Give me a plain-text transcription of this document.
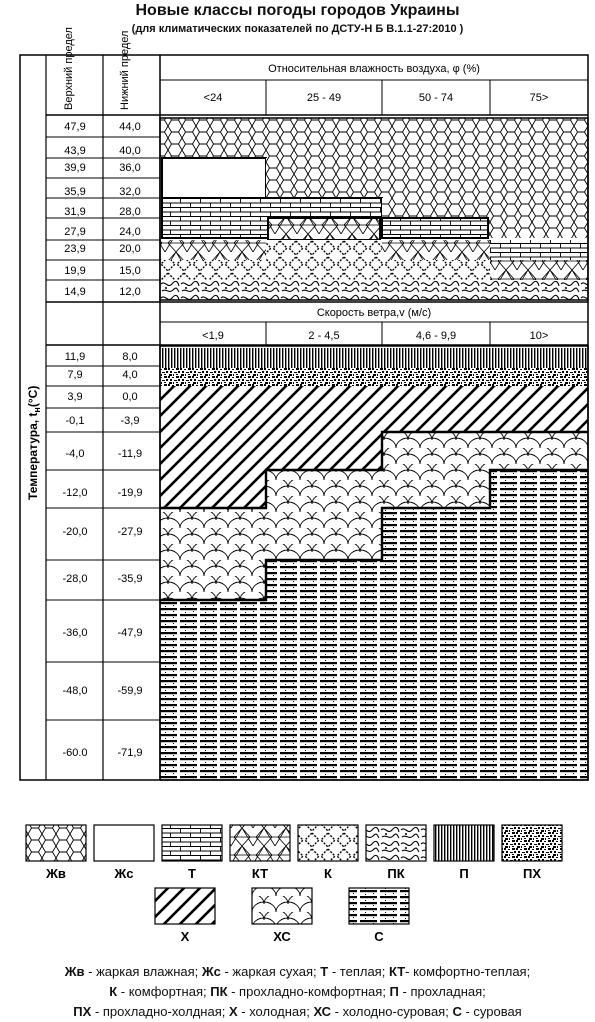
Новые классы погоды городов Украины
(для климатических показателей по ДСТУ-Н Б В.1.1-27:2010 )
Верхний предел	Нижний предел	Относительная влажность воздуха, φ (%)
Скорость ветра,v (м/с)
Температура, $t_н(^\circ С)$
<24	25 - 49	50 - 74	75>
<1,9	2 - 4,5	4,6 - 9,9	10>
47,9	44,0
43,9	40,0
39,9	36,0
35,9	32,0
31,9	28,0
27,9	24,0
23,9	20,0
19,9	15,0
14,9	12,0
11,9	8,0
7,9	4,0
3,9	0,0
-0,1	-3,9
-4,0	-11,9
-12,0	-19,9
-20,0	-27,9
-28,0	-35,9
-36,0	-47,9
-48,0	-59,9
-60.0	-71,9
Жв	Жс	Т	КТ	К	ПК	П	ПХ
Х	ХС	С
Жв - жаркая влажная; Жс - жаркая сухая; Т - теплая; КТ- комфортно-теплая;
К - комфортная; ПК - прохладно-комфортная; П - прохладная;
ПХ - прохладно-холдная; Х - холодная; ХС - холодно-суровая; С - суровая
